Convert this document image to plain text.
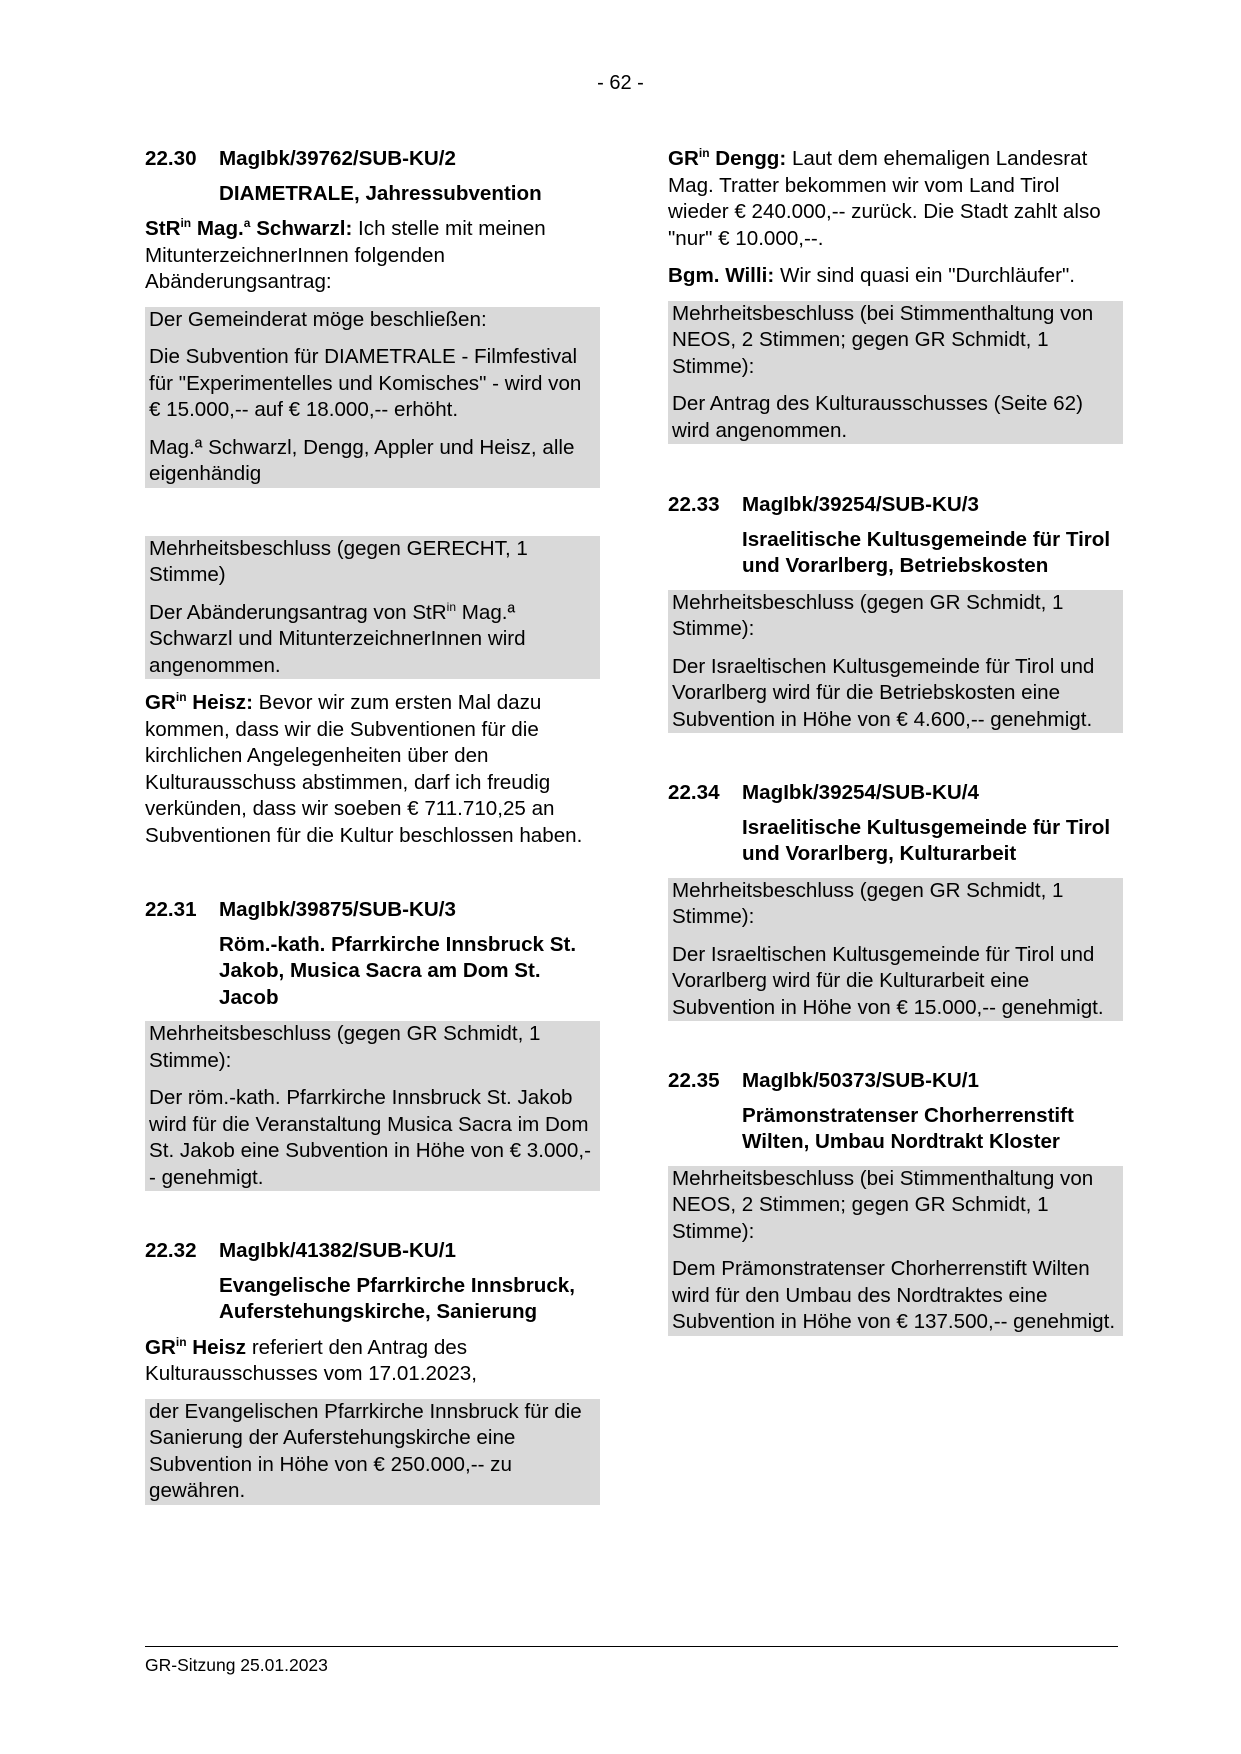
- 62 -
22.30	MagIbk/39762/SUB-KU/2

DIAMETRALE, Jahressubvention

StR$^{in}$ Mag.$^a$ Schwarzl: Ich stelle mit meinen MitunterzeichnerInnen folgenden Abänderungsantrag:

Der Gemeinderat möge beschließen:

Die Subvention für DIAMETRALE - Filmfestival für "Experimentelles und Komisches" - wird von € 15.000,-- auf € 18.000,-- erhöht.

Mag.ª Schwarzl, Dengg, Appler und Heisz, alle eigenhändig

Mehrheitsbeschluss (gegen GERECHT, 1 Stimme)

Der Abänderungsantrag von StR$^{in}$ Mag.ª Schwarzl und MitunterzeichnerInnen wird angenommen.

$GR^{in}$ Heisz: Bevor wir zum ersten Mal dazu kommen, dass wir die Subventionen für die kirchlichen Angelegenheiten über den Kulturausschuss abstimmen, darf ich freudig verkünden, dass wir soeben € 711.710,25 an Subventionen für die Kultur beschlossen haben.

22.31	MagIbk/39875/SUB-KU/3

Röm.-kath. Pfarrkirche Innsbruck St. Jakob, Musica Sacra am Dom St. Jacob

Mehrheitsbeschluss (gegen GR Schmidt, 1 Stimme):

Der röm.-kath. Pfarrkirche Innsbruck St. Jakob wird für die Veranstaltung Musica Sacra im Dom St. Jakob eine Subvention in Höhe von € 3.000,-- genehmigt.

22.32	MagIbk/41382/SUB-KU/1

Evangelische Pfarrkirche Innsbruck, Auferstehungskirche, Sanierung

$GR^{in}$ Heisz referiert den Antrag des Kulturausschusses vom 17.01.2023,

der Evangelischen Pfarrkirche Innsbruck für die Sanierung der Auferstehungskirche eine Subvention in Höhe von € 250.000,-- zu gewähren.

$GR^{in}$ Dengg: Laut dem ehemaligen Landesrat Mag. Tratter bekommen wir vom Land Tirol wieder € 240.000,-- zurück. Die Stadt zahlt also "nur" € 10.000,--.

Bgm. Willi: Wir sind quasi ein "Durchläufer".

Mehrheitsbeschluss (bei Stimmenthaltung von NEOS, 2 Stimmen; gegen GR Schmidt, 1 Stimme):

Der Antrag des Kulturausschusses (Seite 62) wird angenommen.

22.33	MagIbk/39254/SUB-KU/3

Israelitische Kultusgemeinde für Tirol und Vorarlberg, Betriebskosten

Mehrheitsbeschluss (gegen GR Schmidt, 1 Stimme):

Der Israeltischen Kultusgemeinde für Tirol und Vorarlberg wird für die Betriebskosten eine Subvention in Höhe von € 4.600,-- genehmigt.

22.34	MagIbk/39254/SUB-KU/4

Israelitische Kultusgemeinde für Tirol und Vorarlberg, Kulturarbeit

Mehrheitsbeschluss (gegen GR Schmidt, 1 Stimme):

Der Israeltischen Kultusgemeinde für Tirol und Vorarlberg wird für die Kulturarbeit eine Subvention in Höhe von € 15.000,-- genehmigt.

22.35	MagIbk/50373/SUB-KU/1

Prämonstratenser Chorherrenstift Wilten, Umbau Nordtrakt Kloster

Mehrheitsbeschluss (bei Stimmenthaltung von NEOS, 2 Stimmen; gegen GR Schmidt, 1 Stimme):

Dem Prämonstratenser Chorherrenstift Wilten wird für den Umbau des Nordtraktes eine Subvention in Höhe von € 137.500,-- genehmigt.

GR-Sitzung 25.01.2023
